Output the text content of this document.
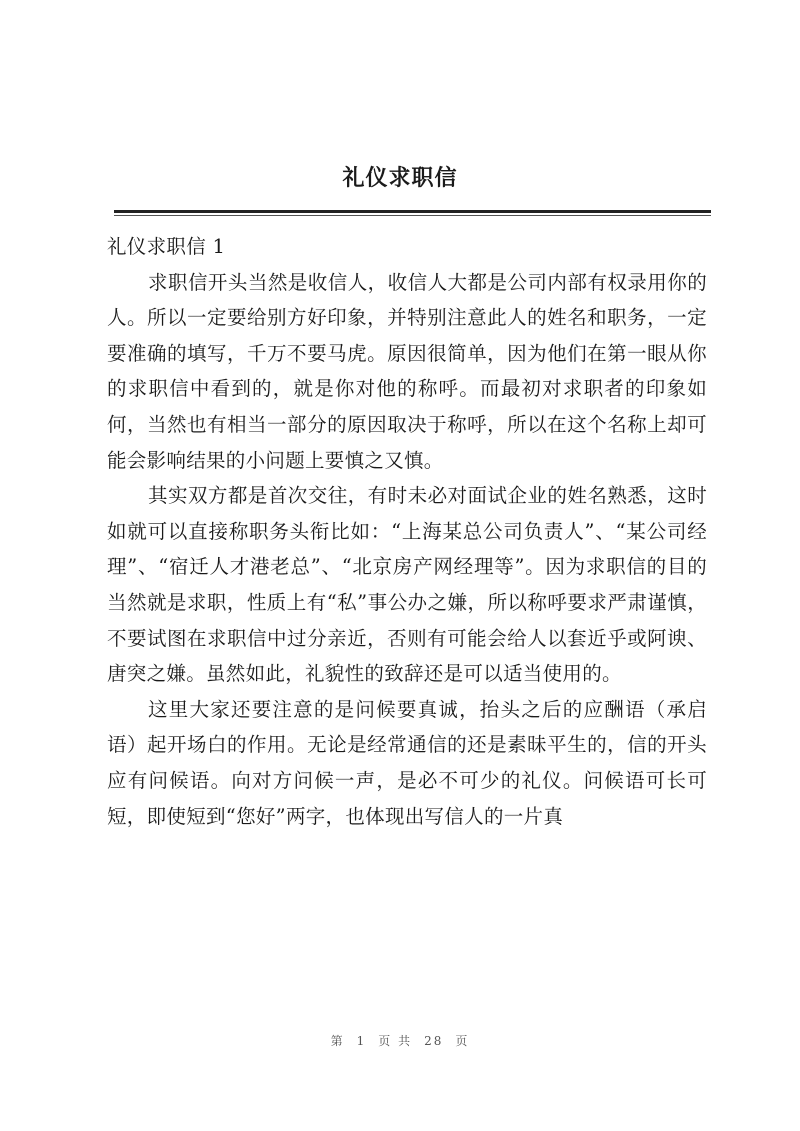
礼仪求职信

礼仪求职信 1

求职信开头当然是收信人，收信人大都是公司内部有权录用你的人。所以一定要给别方好印象，并特别注意此人的姓名和职务，一定要准确的填写，千万不要马虎。原因很简单，因为他们在第一眼从你的求职信中看到的，就是你对他的称呼。而最初对求职者的印象如何，当然也有相当一部分的原因取决于称呼，所以在这个名称上却可能会影响结果的小问题上要慎之又慎。

其实双方都是首次交往，有时未必对面试企业的姓名熟悉，这时如就可以直接称职务头衔比如：“上海某总公司负责人”、“某公司经理”、“宿迁人才港老总”、“北京房产网经理等”。因为求职信的目的当然就是求职，性质上有“私”事公办之嫌，所以称呼要求严肃谨慎，不要试图在求职信中过分亲近，否则有可能会给人以套近乎或阿谀、唐突之嫌。虽然如此，礼貌性的致辞还是可以适当使用的。

这里大家还要注意的是问候要真诚，抬头之后的应酬语（承启语）起开场白的作用。无论是经常通信的还是素昧平生的，信的开头应有问候语。向对方问候一声，是必不可少的礼仪。问候语可长可短，即使短到“您好”两字，也体现出写信人的一片真

第 1 页 共 28 页
